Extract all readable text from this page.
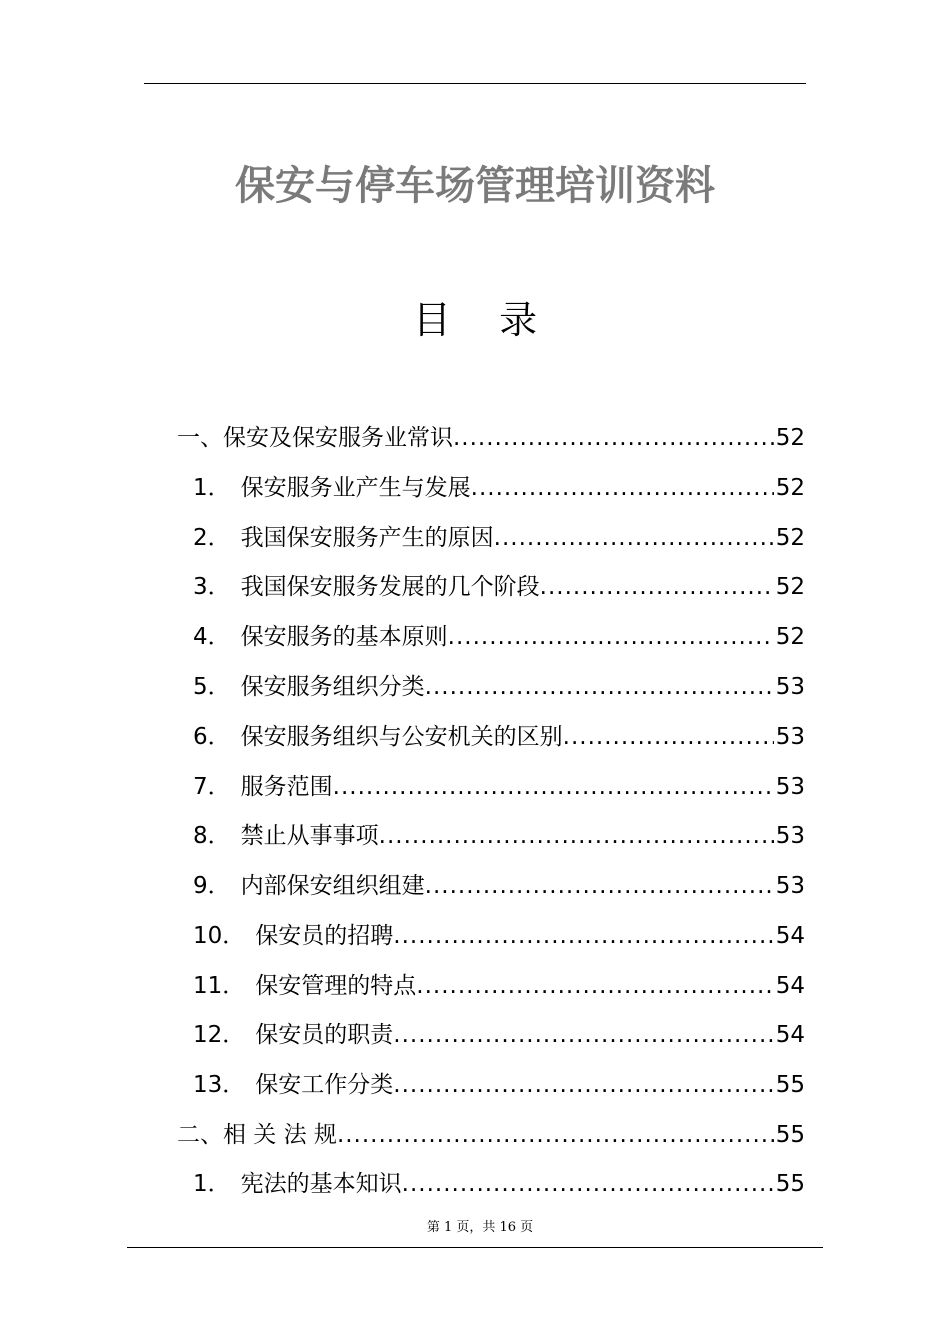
保安与停车场管理培训资料
目    录
一、 保安及保安服务业常识 .....	52
1． 保安服务业产生与发展 .....	52
2． 我国保安服务产生的原因 .....	52
3． 我国保安服务发展的几个阶段 .....	52
4． 保安服务的基本原则 .....	52
5． 保安服务组织分类 .....	53
6． 保安服务组织与公安机关的区别 .....	53
7． 服务范围 .....	53
8． 禁止从事事项 .....	53
9． 内部保安组织组建 .....	53
10． 保安员的招聘 .....	54
11． 保安管理的特点 .....	54
12． 保安员的职责 .....	54
13． 保安工作分类 .....	55
二、 相 关 法 规 .....	55
1． 宪法的基本知识 .....	55
第 1 页，共 16 页
